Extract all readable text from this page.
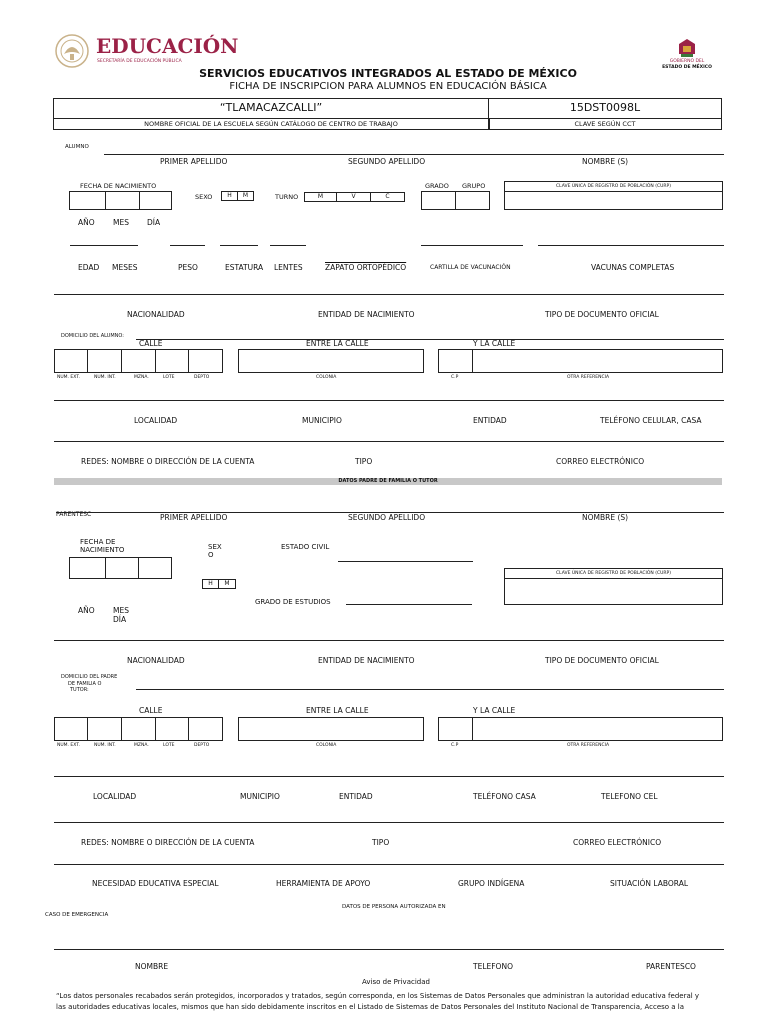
EDUCACIÓN
SECRETARÍA DE EDUCACIÓN PÚBLICA	GOBIERNO DEL
ESTADO DE MÉXICO
SERVICIOS EDUCATIVOS INTEGRADOS AL ESTADO DE MÉXICO
FICHA DE INSCRIPCION PARA ALUMNOS EN EDUCACIÓN BÁSICA
“TLAMACAZCALLI”	15DST0098L
NOMBRE OFICIAL DE LA ESCUELA SEGÚN CATÁLOGO DE CENTRO DE TRABAJO	CLAVE SEGÚN CCT
ALUMNO
PRIMER APELLIDO	SEGUNDO APELLIDO	NOMBRE (S)
FECHA DE NACIMIENTO
AÑO MES DÍA
SEXO	H	M	TURNO	M	V	C
GRADO GRUPO	CLAVE ÚNICA DE REGISTRO DE POBLACIÓN (CURP)
EDAD MESES	PESO	ESTATURA LENTES	ZAPATO ORTOPÉDICO	CARTILLA DE VACUNACIÓN	VACUNAS COMPLETAS
NACIONALIDAD	ENTIDAD DE NACIMIENTO	TIPO DE DOCUMENTO OFICIAL
DOMICILIO DEL ALUMNO:
CALLE	ENTRE LA CALLE	Y LA CALLE
NUM. EXT.	NUM. INT.	MZNA.	LOTE	DEPTO	COLONIA	C.P	OTRA REFERENCIA
LOCALIDAD	MUNICIPIO	ENTIDAD	TELÉFONO CELULAR, CASA
REDES: NOMBRE O DIRECCIÓN DE LA CUENTA	TIPO	CORREO ELECTRÓNICO
DATOS PADRE DE FAMILIA O TUTOR
PARENTESC	PRIMER APELLIDO	SEGUNDO APELLIDO	NOMBRE (S)
FECHA DE
NACIMIENTO
AÑO MES
DÍA
SEX
O
H	M
ESTADO CIVIL
CLAVE ÚNICA DE REGISTRO DE POBLACIÓN (CURP)
GRADO DE ESTUDIOS
NACIONALIDAD	ENTIDAD DE NACIMIENTO	TIPO DE DOCUMENTO OFICIAL
DOMICILIO DEL PADRE
DE FAMILIA O
TUTOR:
CALLE	ENTRE LA CALLE	Y LA CALLE
NUM. EXT.	NUM. INT.	MZNA.	LOTE	DEPTO	COLONIA	C.P	OTRA REFERENCIA
LOCALIDAD	MUNICIPIO	ENTIDAD	TELÉFONO CASA	TELEFONO CEL
REDES: NOMBRE O DIRECCIÓN DE LA CUENTA	TIPO	CORREO ELECTRÓNICO
NECESIDAD EDUCATIVA ESPECIAL	HERRAMIENTA DE APOYO	GRUPO INDÍGENA	SITUACIÓN LABORAL
DATOS DE PERSONA AUTORIZADA EN
CASO DE EMERGENCIA
NOMBRE	TELEFONO	PARENTESCO
Aviso de Privacidad
“Los datos personales recabados serán protegidos, incorporados y tratados, según corresponda, en los Sistemas de Datos Personales que administran la autoridad educativa federal y
las autoridades educativas locales, mismos que han sido debidamente inscritos en el Listado de Sistemas de Datos Personales del Instituto Nacional de Transparencia, Acceso a la
